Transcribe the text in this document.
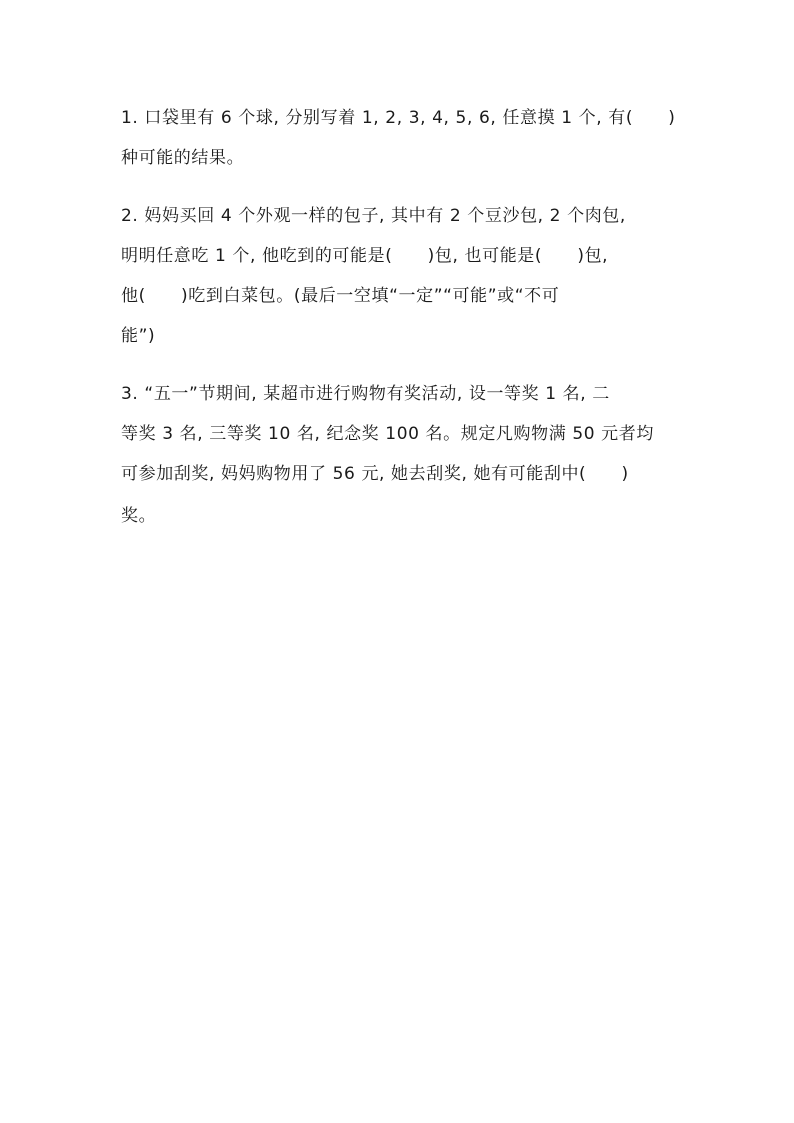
1. 口袋里有 6 个球, 分别写着 1, 2, 3, 4, 5, 6, 任意摸 1 个, 有(　　)
种可能的结果。
2. 妈妈买回 4 个外观一样的包子, 其中有 2 个豆沙包, 2 个肉包,
明明任意吃 1 个, 他吃到的可能是(　　)包, 也可能是(　　)包,
他(　　)吃到白菜包。(最后一空填“一定”“可能”或“不可
能”)
3. “五一”节期间, 某超市进行购物有奖活动, 设一等奖 1 名, 二
等奖 3 名, 三等奖 10 名, 纪念奖 100 名。规定凡购物满 50 元者均
可参加刮奖, 妈妈购物用了 56 元, 她去刮奖, 她有可能刮中(　　)
奖。
